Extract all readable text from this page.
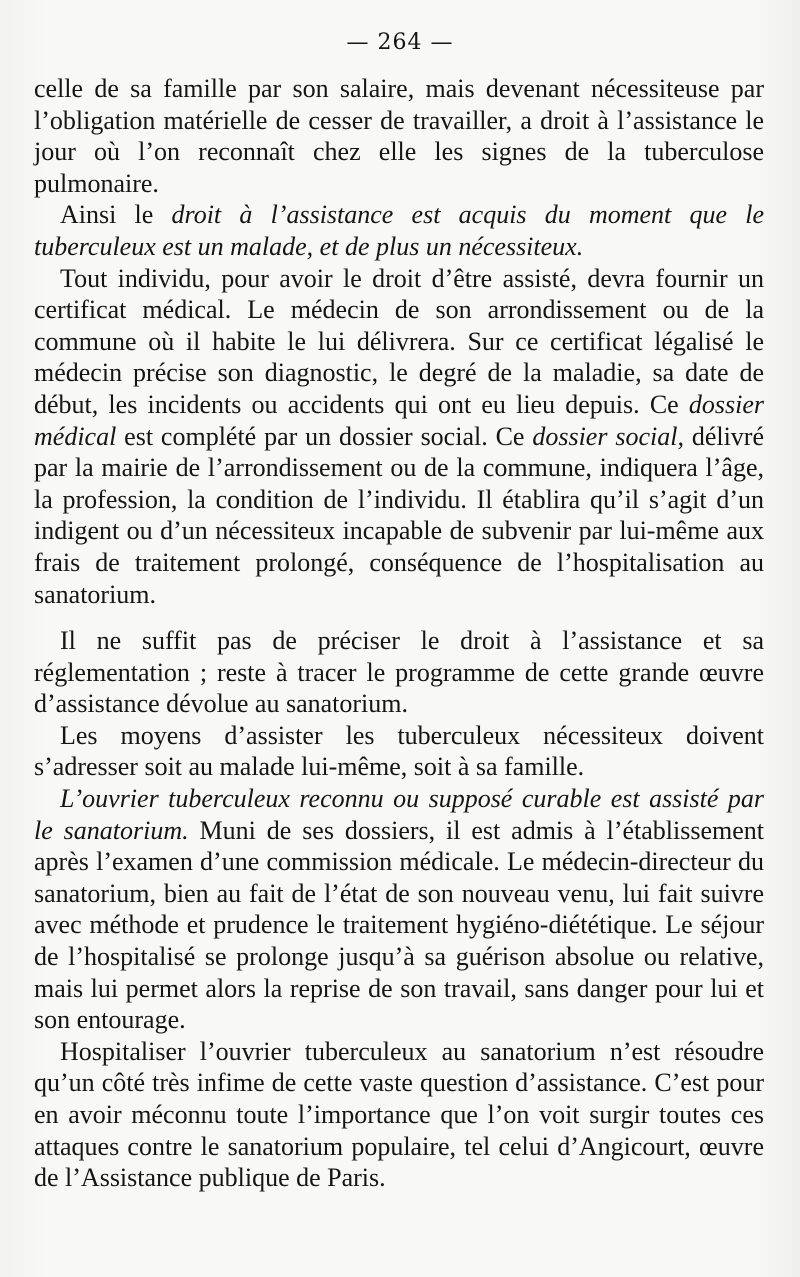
— 264 —

celle de sa famille par son salaire, mais devenant nécessiteuse par l’obligation matérielle de cesser de travailler, a droit à l’assistance le jour où l’on reconnaît chez elle les signes de la tuberculose pulmonaire.

Ainsi le droit à l’assistance est acquis du moment que le tuberculeux est un malade, et de plus un nécessiteux.

Tout individu, pour avoir le droit d’être assisté, devra fournir un certificat médical. Le médecin de son arrondissement ou de la commune où il habite le lui délivrera. Sur ce certificat légalisé le médecin précise son diagnostic, le degré de la maladie, sa date de début, les incidents ou accidents qui ont eu lieu depuis. Ce dossier médical est complété par un dossier social. Ce dossier social, délivré par la mairie de l’arrondissement ou de la commune, indiquera l’âge, la profession, la condition de l’individu. Il établira qu’il s’agit d’un indigent ou d’un nécessiteux incapable de subvenir par lui-même aux frais de traitement prolongé, conséquence de l’hospitalisation au sanatorium.

Il ne suffit pas de préciser le droit à l’assistance et sa réglementation ; reste à tracer le programme de cette grande œuvre d’assistance dévolue au sanatorium.

Les moyens d’assister les tuberculeux nécessiteux doivent s’adresser soit au malade lui-même, soit à sa famille.

L’ouvrier tuberculeux reconnu ou supposé curable est assisté par le sanatorium. Muni de ses dossiers, il est admis à l’établissement après l’examen d’une commission médicale. Le médecin-directeur du sanatorium, bien au fait de l’état de son nouveau venu, lui fait suivre avec méthode et prudence le traitement hygiéno-diététique. Le séjour de l’hospitalisé se prolonge jusqu’à sa guérison absolue ou relative, mais lui permet alors la reprise de son travail, sans danger pour lui et son entourage.

Hospitaliser l’ouvrier tuberculeux au sanatorium n’est résoudre qu’un côté très infime de cette vaste question d’assistance. C’est pour en avoir méconnu toute l’importance que l’on voit surgir toutes ces attaques contre le sanatorium populaire, tel celui d’Angicourt, œuvre de l’Assistance publique de Paris.
